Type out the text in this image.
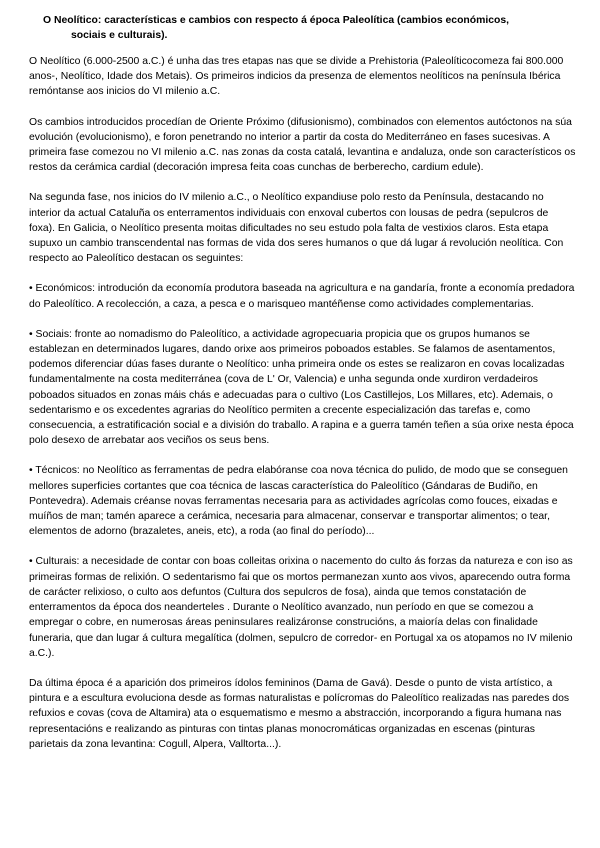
O Neolítico: características e cambios con respecto á época Paleolítica (cambios económicos,
sociais e culturais).

O Neolítico (6.000-2500 a.C.) é unha das tres etapas nas que se divide a Prehistoria (Paleolíticocomeza fai 800.000 anos-, Neolítico, Idade dos Metais). Os primeiros indicios da presenza de elementos neolíticos na península Ibérica remóntanse aos inicios do VI milenio a.C.

Os cambios introducidos procedían de Oriente Próximo (difusionismo), combinados con elementos autóctonos na súa evolución (evolucionismo), e foron penetrando no interior a partir da costa do Mediterráneo en fases sucesivas. A primeira fase comezou no VI milenio a.C. nas zonas da costa catalá, levantina e andaluza, onde son característicos os restos da cerámica cardial (decoración impresa feita coas cunchas de berberecho, cardium edule).

Na segunda fase, nos inicios do IV milenio a.C., o Neolítico expandiuse polo resto da Península, destacando no interior da actual Cataluña os enterramentos individuais con enxoval cubertos con lousas de pedra (sepulcros de foxa). En Galicia, o Neolítico presenta moitas dificultades no seu estudo pola falta de vestixios claros. Esta etapa supuxo un cambio transcendental nas formas de vida dos seres humanos o que dá lugar á revolución neolítica. Con respecto ao Paleolítico destacan os seguintes:

• Económicos: introdución da economía produtora baseada na agricultura e na gandaría, fronte a economía predadora do Paleolítico. A recolección, a caza, a pesca e o marisqueo mantéñense como actividades complementarias.

• Sociais: fronte ao nomadismo do Paleolítico, a actividade agropecuaria propicia que os grupos humanos se establezan en determinados lugares, dando orixe aos primeiros poboados estables. Se falamos de asentamentos, podemos diferenciar dúas fases durante o Neolítico: unha primeira onde os estes se realizaron en covas localizadas fundamentalmente na costa mediterránea (cova de L' Or, Valencia) e unha segunda onde xurdiron verdadeiros poboados situados en zonas máis chás e adecuadas para o cultivo (Los Castillejos, Los Millares, etc). Ademais, o sedentarismo e os excedentes agrarias do Neolítico permiten a crecente especialización das tarefas e, como consecuencia, a estratificación social e a división do traballo. A rapina e a guerra tamén teñen a súa orixe nesta época polo desexo de arrebatar aos veciños os seus bens.

• Técnicos: no Neolítico as ferramentas de pedra elabóranse coa nova técnica do pulido, de modo que se conseguen mellores superficies cortantes que coa técnica de lascas característica do Paleolítico (Gándaras de Budiño, en Pontevedra). Ademais créanse novas ferramentas necesaria para as actividades agrícolas como fouces, eixadas e muíños de man; tamén aparece a cerámica, necesaria para almacenar, conservar e transportar alimentos; o tear, elementos de adorno (brazaletes, aneis, etc), a roda (ao final do período)...

• Culturais: a necesidade de contar con boas colleitas orixina o nacemento do culto ás forzas da natureza e con iso as primeiras formas de relixión. O sedentarismo fai que os mortos permanezan xunto aos vivos, aparecendo outra forma de carácter relixioso, o culto aos defuntos (Cultura dos sepulcros de fosa), ainda que temos constatación de enterramentos da época dos neanderteles . Durante o Neolítico avanzado, nun período en que se comezou a empregar o cobre, en numerosas áreas peninsulares realizáronse construcións, a maioría delas con finalidade funeraria, que dan lugar á cultura megalítica (dolmen, sepulcro de corredor- en Portugal xa os atopamos no IV milenio a.C.).

Da última época é a aparición dos primeiros ídolos femininos (Dama de Gavá). Desde o punto de vista artístico, a pintura e a escultura evoluciona desde as formas naturalistas e polícromas do Paleolítico realizadas nas paredes dos refuxios e covas (cova de Altamira) ata o esquematismo e mesmo a abstracción, incorporando a figura humana nas representacións e realizando as pinturas con tintas planas monocromáticas organizadas en escenas (pinturas parietais da zona levantina: Cogull, Alpera, Valltorta...).
